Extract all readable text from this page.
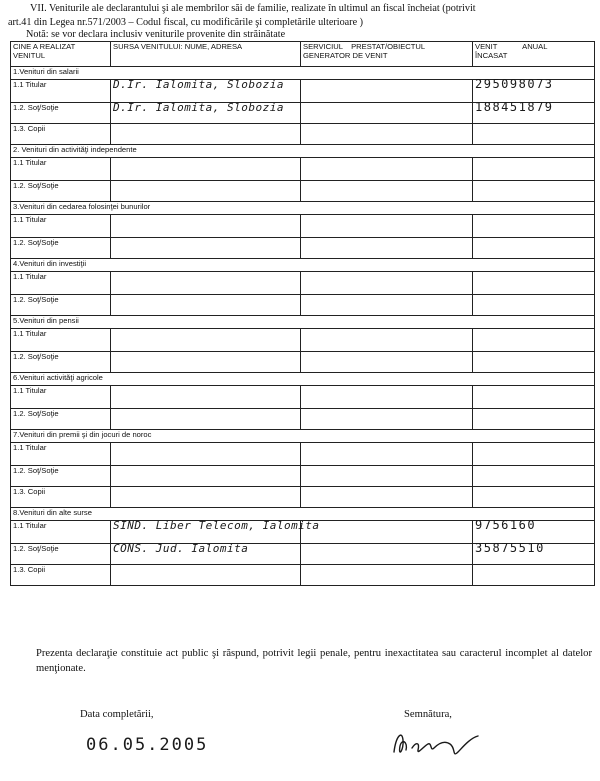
VII. Veniturile ale declarantului şi ale membrilor săi de familie, realizate în ultimul an fiscal încheiat (potrivit
art.41 din Legea nr.571/2003 – Codul fiscal, cu modificările şi completările ulterioare )
Notă: se vor declara inclusiv veniturile provenite din străinătate
CINE A REALIZAT
VENITUL	SURSA VENITULUI: NUME, ADRESA	SERVICIUL    PRESTAT/OBIECTUL
GENERATOR DE VENIT	VENIT            ANUAL
ÎNCASAT

1.Venituri din salarii			
1.1 Titular	D.Ir. Ialomita, Slobozia		295098073
1.2. Soţ/Soţie	D.Ir. Ialomita, Slobozia		188451879
1.3. Copii			
2. Venituri din activităţi independente			
1.1 Titular			
1.2. Soţ/Soţie			
3.Venituri din cedarea folosinţei bunurilor			
1.1 Titular			
1.2. Soţ/Soţie			
4.Venituri din investiţii			
1.1 Titular			
1.2. Soţ/Soţie			
5.Venituri din pensii			
1.1 Titular			
1.2. Soţ/Soţie			
6.Venituri activităţi agricole			
1.1 Titular			
1.2. Soţ/Soţie			
7.Venituri din premii şi din jocuri de noroc			
1.1 Titular			
1.2. Soţ/Soţie			
1.3. Copii			
8.Venituri din alte surse			
1.1 Titular	SIND. Liber Telecom, Ialomita		9756160
1.2. Soţ/Soţie	CONS. Jud. Ialomita		35875510
1.3. Copii			
Prezenta declaraţie constituie act public şi răspund, potrivit legii penale, pentru inexactitatea sau caracterul incomplet al datelor menţionate.
Data completării,	Semnătura,
06.05.2005
